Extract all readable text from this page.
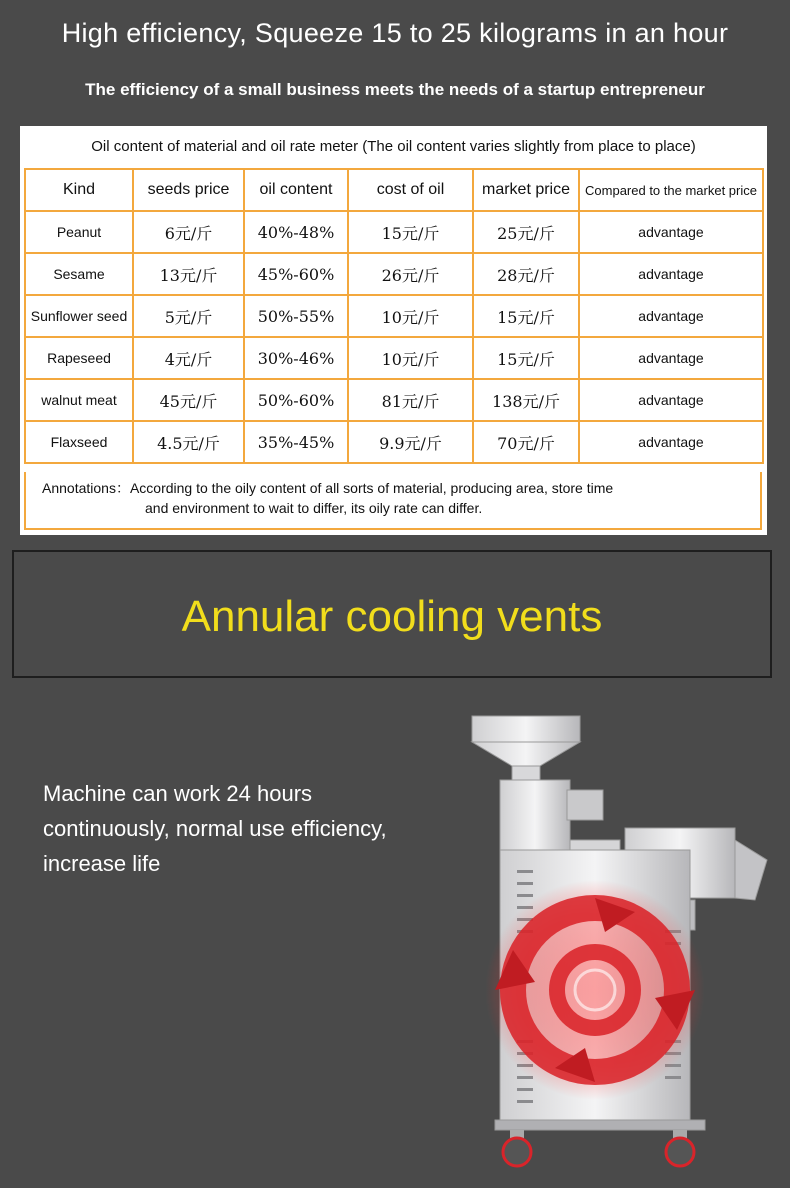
High efficiency, Squeeze 15 to 25 kilograms in an hour
The efficiency of a small business meets the needs of a startup entrepreneur
Oil content of material and oil rate meter (The oil content varies slightly from place to place)
Kind	seeds price	oil content	cost of oil	market price	Compared to the market price
Peanut	6元/斤	40%-48%	15元/斤	25元/斤	advantage
Sesame	13元/斤	45%-60%	26元/斤	28元/斤	advantage
Sunflower seed	5元/斤	50%-55%	10元/斤	15元/斤	advantage
Rapeseed	4元/斤	30%-46%	10元/斤	15元/斤	advantage
walnut meat	45元/斤	50%-60%	81元/斤	138元/斤	advantage
Flaxseed	4.5元/斤	35%-45%	9.9元/斤	70元/斤	advantage
Annotations：According to the oily content of all sorts of material, producing area, store time
and environment to wait to differ, its oily rate can differ.
Annular cooling vents
Machine can work 24 hours
continuously, normal use efficiency,
increase life
